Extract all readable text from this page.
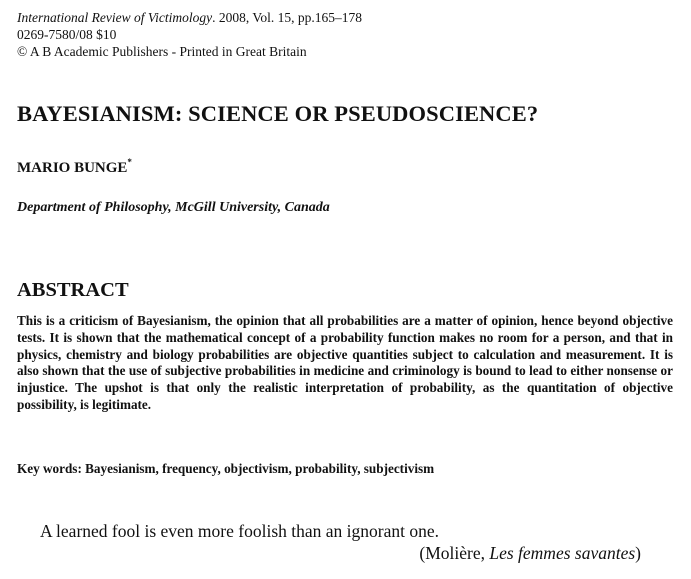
International Review of Victimology. 2008, Vol. 15, pp.165–178
0269-7580/08 $10
© A B Academic Publishers - Printed in Great Britain
BAYESIANISM: SCIENCE OR PSEUDOSCIENCE?
MARIO BUNGE*
Department of Philosophy, McGill University, Canada
ABSTRACT

This is a criticism of Bayesianism, the opinion that all probabilities are a matter of opinion, hence beyond objective tests. It is shown that the mathematical concept of a probability function makes no room for a person, and that in physics, chemistry and biology probabilities are objective quantities subject to calculation and measurement. It is also shown that the use of subjective probabilities in medicine and criminology is bound to lead to either nonsense or injustice. The upshot is that only the realistic interpretation of probability, as the quantitation of objective possibility, is legitimate.

Key words: Bayesianism, frequency, objectivism, probability, subjectivism
A learned fool is even more foolish than an ignorant one.
(Molière, Les femmes savantes)
